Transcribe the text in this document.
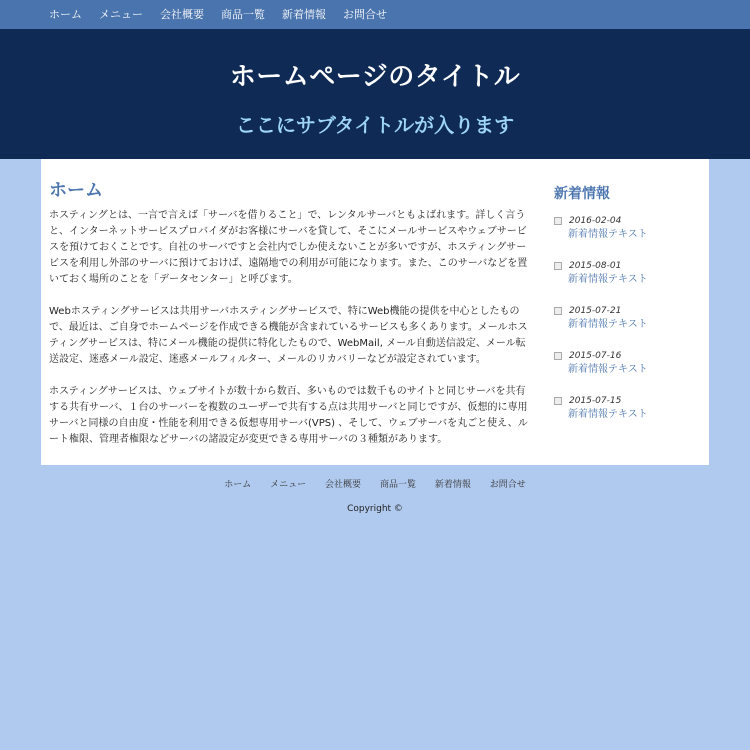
ホーム メニュー 会社概要 商品一覧 新着情報 お問合せ
ホームページのタイトル
ここにサブタイトルが入ります
ホーム

ホスティングとは、一言で言えば「サーバを借りること」で、レンタルサーバともよばれます。詳しく言うと、インターネットサービスプロバイダがお客様にサーバを貸して、そこにメールサービスやウェブサービスを預けておくことです。自社のサーバですと会社内でしか使えないことが多いですが、ホスティングサービスを利用し外部のサーバに預けておけば、遠隔地での利用が可能になります。また、このサーバなどを置いておく場所のことを「データセンター」と呼びます。

Webホスティングサービスは共用サーバホスティングサービスで、特にWeb機能の提供を中心としたもので、最近は、ご自身でホームページを作成できる機能が含まれているサービスも多くあります。メールホスティングサービスは、特にメール機能の提供に特化したもので、WebMail, メール自動送信設定、メール転送設定、迷惑メール設定、迷惑メールフィルター、メールのリカバリーなどが設定されています。

ホスティングサービスは、ウェブサイトが数十から数百、多いものでは数千ものサイトと同じサーバを共有する共有サーバ、１台のサーバーを複数のユーザーで共有する点は共用サーバと同じですが、仮想的に専用サーバと同様の自由度・性能を利用できる仮想専用サーバ(VPS) 、そして、ウェブサーバを丸ごと使え、ルート権限、管理者権限などサーバの諸設定が変更できる専用サーバの３種類があります。

新着情報
2016-02-04
新着情報テキスト
2015-08-01
新着情報テキスト
2015-07-21
新着情報テキスト
2015-07-16
新着情報テキスト
2015-07-15
新着情報テキスト
ホーム メニュー 会社概要 商品一覧 新着情報 お問合せ
Copyright ©
